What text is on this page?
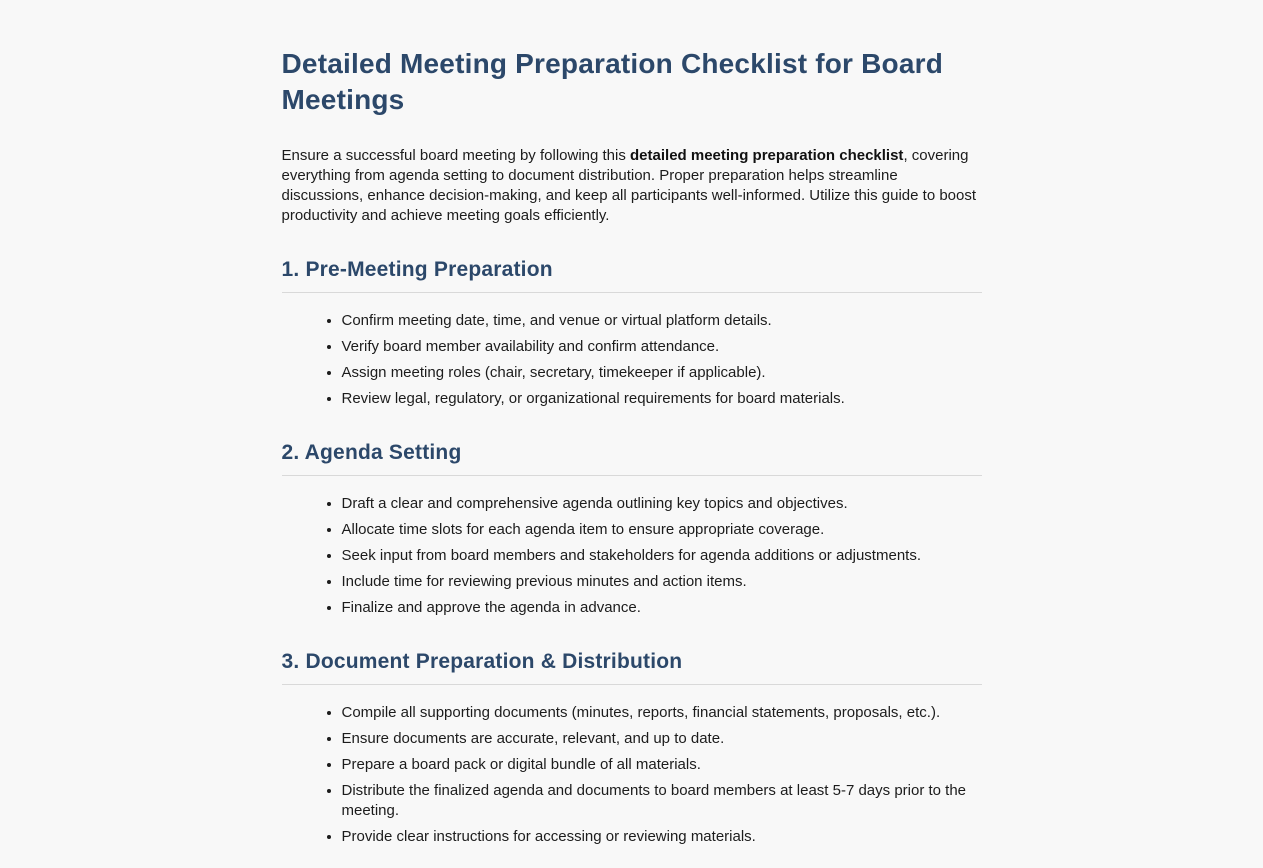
Detailed Meeting Preparation Checklist for Board Meetings

Ensure a successful board meeting by following this detailed meeting preparation checklist, covering everything from agenda setting to document distribution. Proper preparation helps streamline discussions, enhance decision-making, and keep all participants well-informed. Utilize this guide to boost productivity and achieve meeting goals efficiently.

1. Pre-Meeting Preparation
• Confirm meeting date, time, and venue or virtual platform details.
• Verify board member availability and confirm attendance.
• Assign meeting roles (chair, secretary, timekeeper if applicable).
• Review legal, regulatory, or organizational requirements for board materials.
2. Agenda Setting
• Draft a clear and comprehensive agenda outlining key topics and objectives.
• Allocate time slots for each agenda item to ensure appropriate coverage.
• Seek input from board members and stakeholders for agenda additions or adjustments.
• Include time for reviewing previous minutes and action items.
• Finalize and approve the agenda in advance.
3. Document Preparation & Distribution
• Compile all supporting documents (minutes, reports, financial statements, proposals, etc.).
• Ensure documents are accurate, relevant, and up to date.
• Prepare a board pack or digital bundle of all materials.
• Distribute the finalized agenda and documents to board members at least 5-7 days prior to the meeting.
• Provide clear instructions for accessing or reviewing materials.
